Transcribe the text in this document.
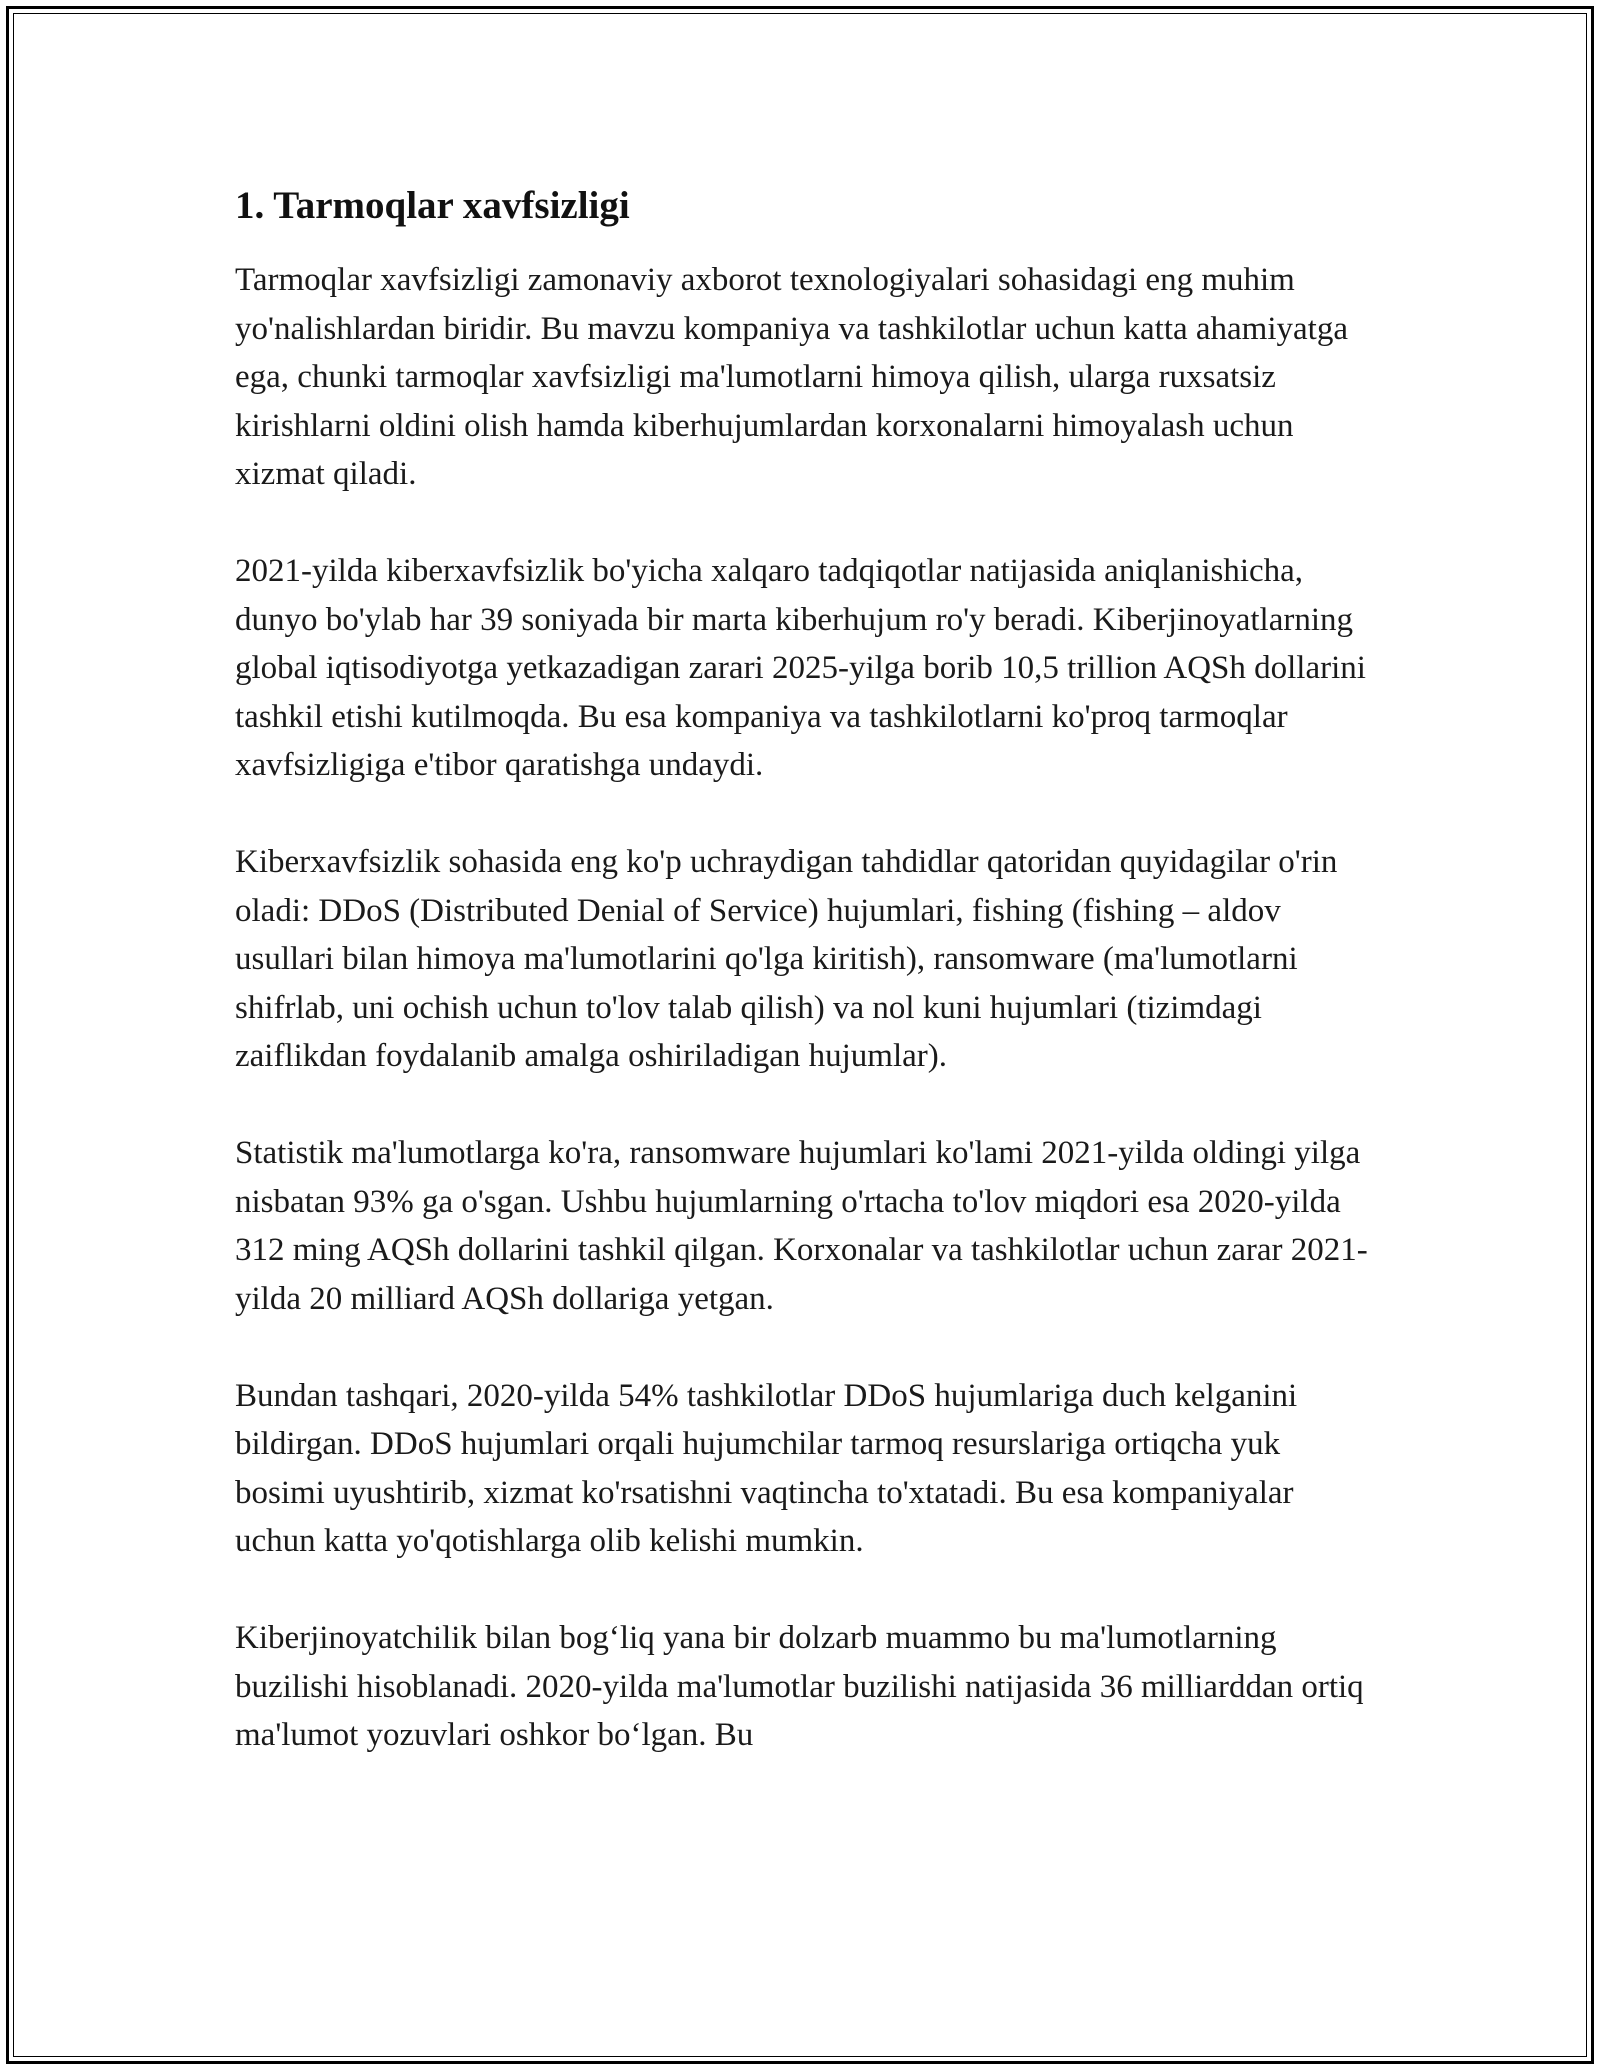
1. Tarmoqlar xavfsizligi

Tarmoqlar xavfsizligi zamonaviy axborot texnologiyalari sohasidagi eng muhim yo'nalishlardan biridir. Bu mavzu kompaniya va tashkilotlar uchun katta ahamiyatga ega, chunki tarmoqlar xavfsizligi ma'lumotlarni himoya qilish, ularga ruxsatsiz kirishlarni oldini olish hamda kiberhujumlardan korxonalarni himoyalash uchun xizmat qiladi.

2021-yilda kiberxavfsizlik bo'yicha xalqaro tadqiqotlar natijasida aniqlanishicha, dunyo bo'ylab har 39 soniyada bir marta kiberhujum ro'y beradi. Kiberjinoyatlarning global iqtisodiyotga yetkazadigan zarari 2025-yilga borib 10,5 trillion AQSh dollarini tashkil etishi kutilmoqda. Bu esa kompaniya va tashkilotlarni ko'proq tarmoqlar xavfsizligiga e'tibor qaratishga undaydi.

Kiberxavfsizlik sohasida eng ko'p uchraydigan tahdidlar qatoridan quyidagilar o'rin oladi: DDoS (Distributed Denial of Service) hujumlari, fishing (fishing – aldov usullari bilan himoya ma'lumotlarini qo'lga kiritish), ransomware (ma'lumotlarni shifrlab, uni ochish uchun to'lov talab qilish) va nol kuni hujumlari (tizimdagi zaiflikdan foydalanib amalga oshiriladigan hujumlar).

Statistik ma'lumotlarga ko'ra, ransomware hujumlari ko'lami 2021-yilda oldingi yilga nisbatan 93% ga o'sgan. Ushbu hujumlarning o'rtacha to'lov miqdori esa 2020-yilda 312 ming AQSh dollarini tashkil qilgan. Korxonalar va tashkilotlar uchun zarar 2021-yilda 20 milliard AQSh dollariga yetgan.

Bundan tashqari, 2020-yilda 54% tashkilotlar DDoS hujumlariga duch kelganini bildirgan. DDoS hujumlari orqali hujumchilar tarmoq resurslariga ortiqcha yuk bosimi uyushtirib, xizmat ko'rsatishni vaqtincha to'xtatadi. Bu esa kompaniyalar uchun katta yo'qotishlarga olib kelishi mumkin.

Kiberjinoyatchilik bilan bog‘liq yana bir dolzarb muammo bu ma'lumotlarning buzilishi hisoblanadi. 2020-yilda ma'lumotlar buzilishi natijasida 36 milliarddan ortiq ma'lumot yozuvlari oshkor bo‘lgan. Bu
